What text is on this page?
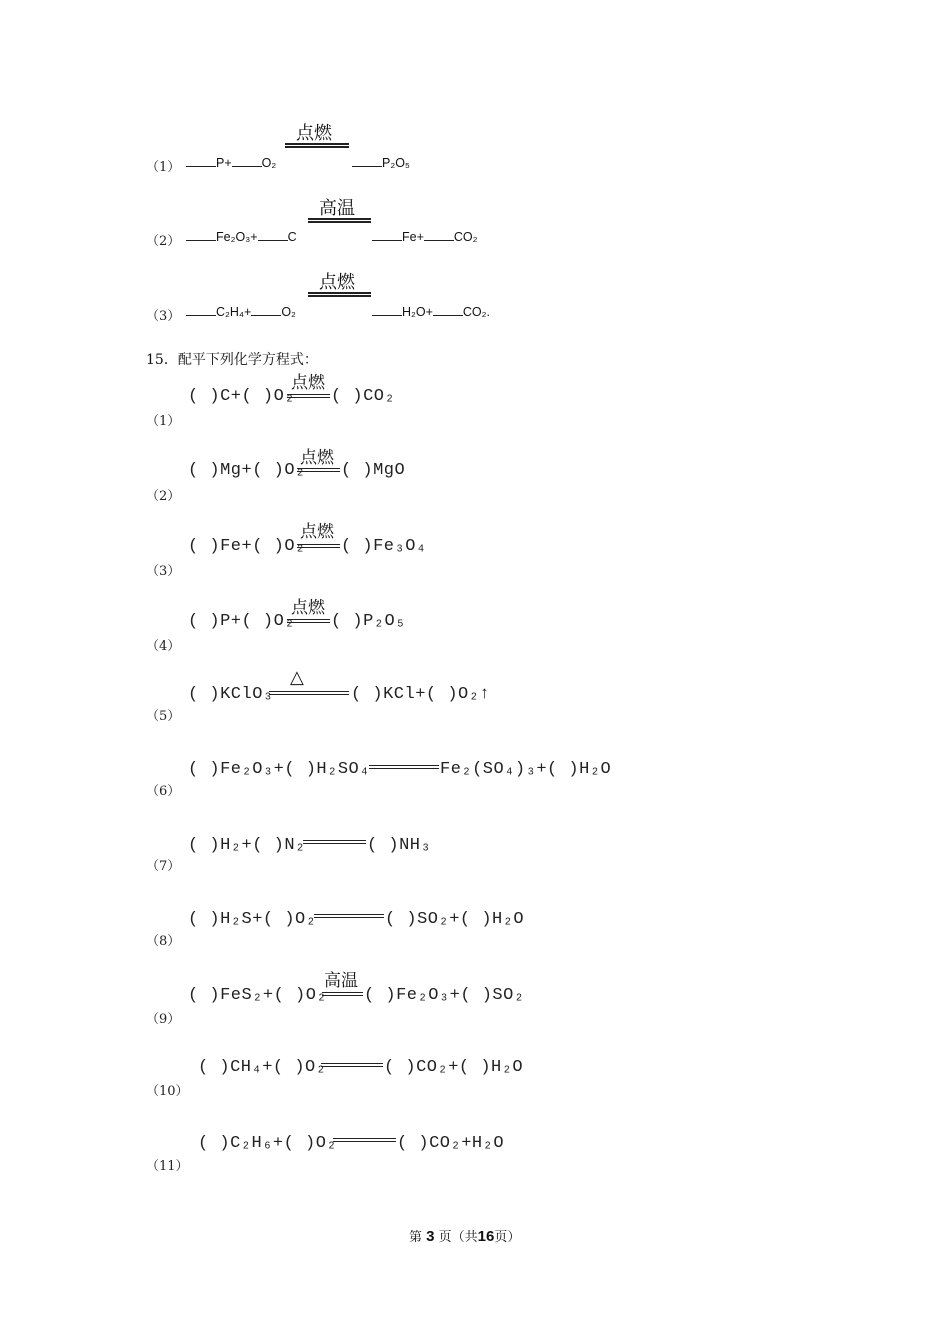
点燃
（1）	P+ O₂	P₂O₅
高温
（2）	Fe₂O₃+ C	Fe+ CO₂
点燃
（3）	C₂H₄+ O₂	H₂O+ CO₂.
15．配平下列化学方程式：
点燃
( )C+( )O₂ ( )CO₂
（1）
点燃
( )Mg+( )O₂ ( )MgO
（2）
点燃
( )Fe+( )O₂ ( )Fe₃O₄
（3）
点燃
( )P+( )O₂ ( )P₂O₅
（4）
△
( )KClO₃	( )KCl+( )O₂↑
（5）
( )Fe₂O₃+( )H₂SO₄	Fe₂(SO₄)₃+( )H₂O
（6）
( )H₂+( )N₂	( )NH₃
（7）
( )H₂S+( )O₂	( )SO₂+( )H₂O
（8）
高温
( )FeS₂+( )O₂ ( )Fe₂O₃+( )SO₂
（9）
( )CH₄+( )O₂	( )CO₂+( )H₂O
（10）
( )C₂H₆+( )O₂	( )CO₂+H₂O
（11）
第 3 页（共16页）
